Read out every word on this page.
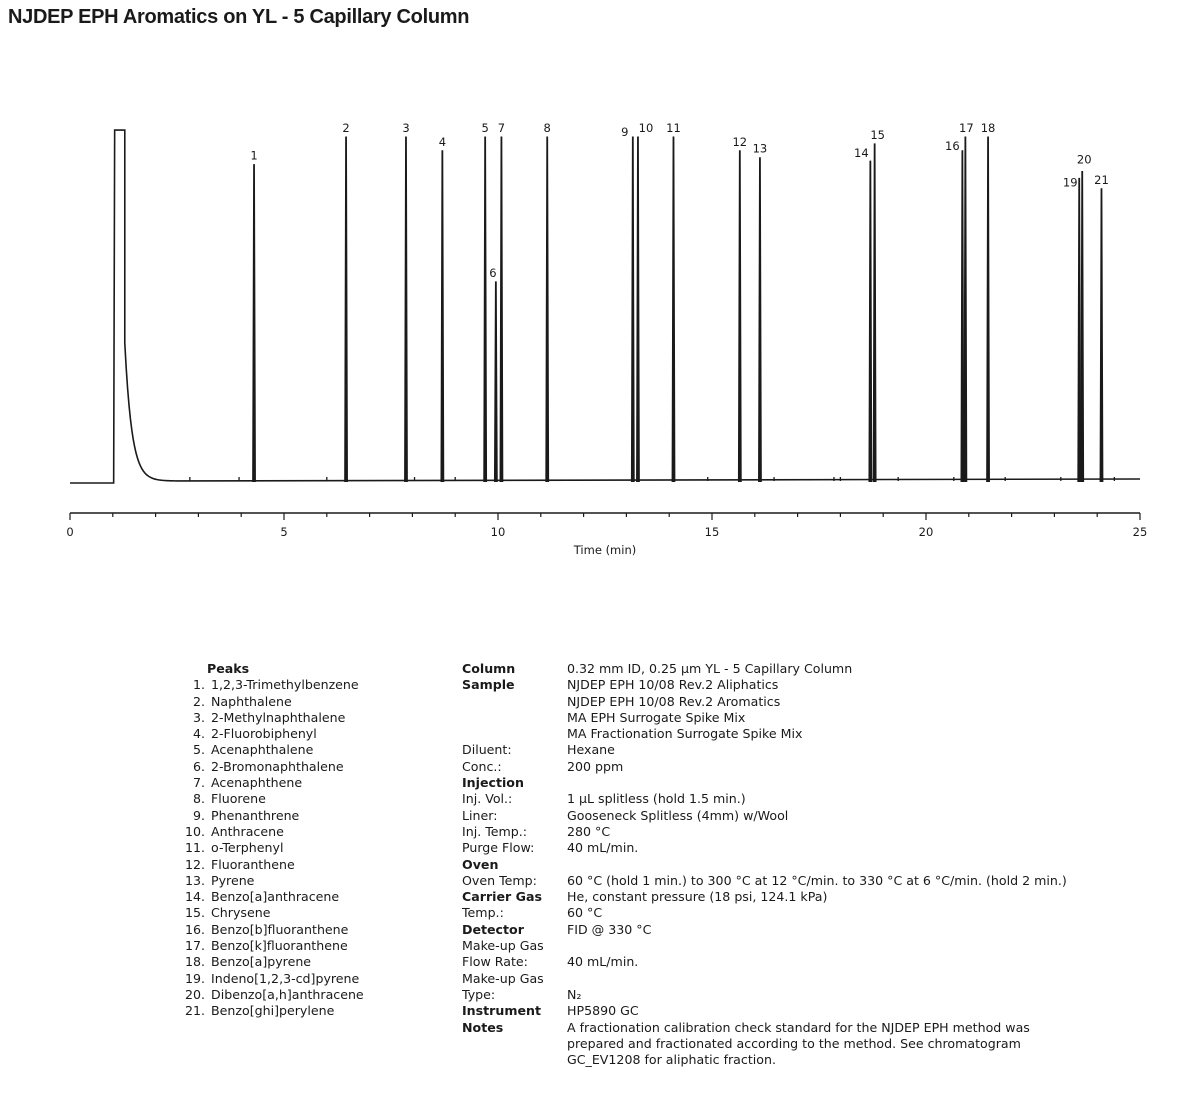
NJDEP EPH Aromatics on YL - 5 Capillary Column
0	5	10	15	20	25
Time (min)
1
2	3
4
5
6
7	8	9 10 11
12 13	14
15
16
17 18
19
20
21
Peaks
1. 1,2,3-Trimethylbenzene
2. Naphthalene
3. 2-Methylnaphthalene
4. 2-Fluorobiphenyl
5. Acenaphthalene
6. 2-Bromonaphthalene
7. Acenaphthene
8. Fluorene
9. Phenanthrene
10. Anthracene
11. o-Terphenyl
12. Fluoranthene
13. Pyrene
14. Benzo[a]anthracene
15. Chrysene
16. Benzo[b]fluoranthene
17. Benzo[k]fluoranthene
18. Benzo[a]pyrene
19. Indeno[1,2,3-cd]pyrene
20. Dibenzo[a,h]anthracene
21. Benzo[ghi]perylene
Column	0.32 mm ID, 0.25 µm YL - 5 Capillary Column
Sample	NJDEP EPH 10/08 Rev.2 Aliphatics
NJDEP EPH 10/08 Rev.2 Aromatics
MA EPH Surrogate Spike Mix
MA Fractionation Surrogate Spike Mix
Diluent:	Hexane
Conc.:	200 ppm
Injection

Inj. Vol.:	1 µL splitless (hold 1.5 min.)
Liner:	Gooseneck Splitless (4mm) w/Wool
Inj. Temp.:	280 °C
Purge Flow:	40 mL/min.
Oven

Oven Temp:	60 °C (hold 1 min.) to 300 °C at 12 °C/min. to 330 °C at 6 °C/min. (hold 2 min.)
Carrier Gas	He, constant pressure (18 psi, 124.1 kPa)
Temp.:	60 °C
Detector	FID @ 330 °C
Make-up Gas

Flow Rate:	40 mL/min.
Make-up Gas

Type:	N₂
Instrument	HP5890 GC
Notes	A fractionation calibration check standard for the NJDEP EPH method was prepared and fractionated according to the method. See chromatogram GC_EV1208 for aliphatic fraction.
